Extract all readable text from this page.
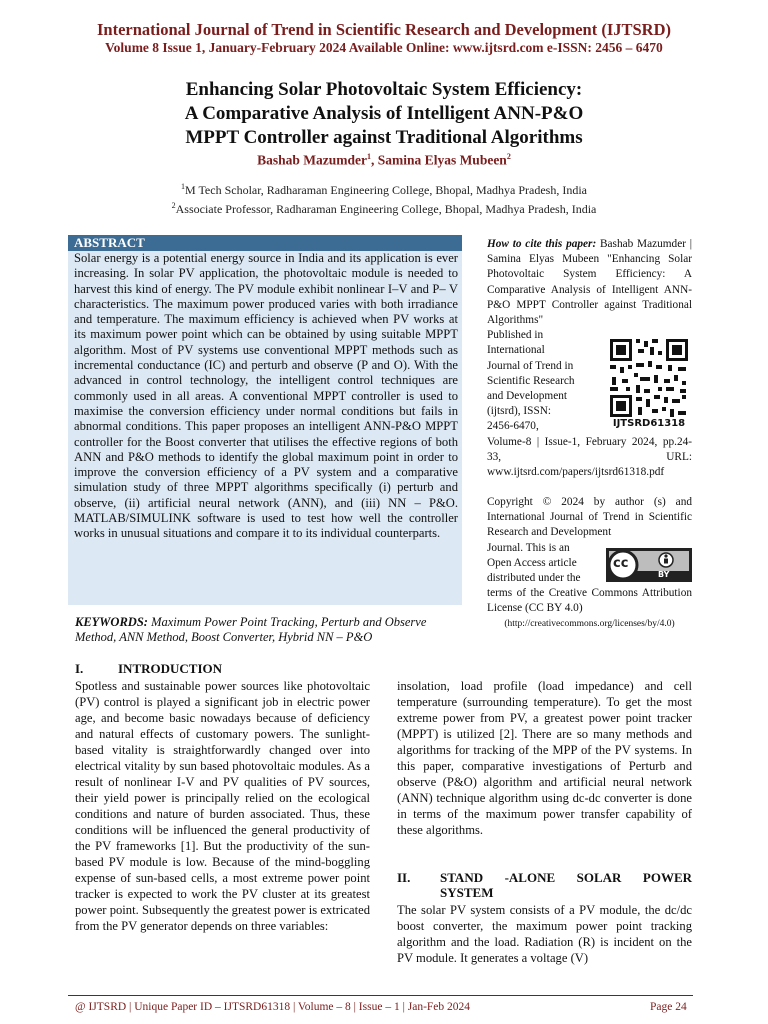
International Journal of Trend in Scientific Research and Development (IJTSRD)
Volume 8 Issue 1, January-February 2024 Available Online: www.ijtsrd.com e-ISSN: 2456 – 6470
Enhancing Solar Photovoltaic System Efficiency:
A Comparative Analysis of Intelligent ANN-P&O
MPPT Controller against Traditional Algorithms
Bashab Mazumder$^1$, Samina Elyas Mubeen$^2$
$^1$M Tech Scholar, Radharaman Engineering College, Bhopal, Madhya Pradesh, India
$^2$Associate Professor, Radharaman Engineering College, Bhopal, Madhya Pradesh, India
ABSTRACT
Solar energy is a potential energy source in India and its application is ever increasing. In solar PV application, the photovoltaic module is needed to harvest this kind of energy. The PV module exhibit nonlinear I–V and P– V characteristics. The maximum power produced varies with both irradiance and temperature. The maximum efficiency is achieved when PV works at its maximum power point which can be obtained by using suitable MPPT algorithm. Most of PV systems use conventional MPPT methods such as incremental conductance (IC) and perturb and observe (P and O). With the advanced in control technology, the intelligent control techniques are commonly used in all areas. A conventional MPPT controller is used to maximise the conversion efficiency under normal conditions but fails in abnormal conditions. This paper proposes an intelligent ANN-P&O MPPT controller for the Boost converter that utilises the effective regions of both ANN and P&O methods to identify the global maximum point in order to improve the conversion efficiency of a PV system and a comparative simulation study of three MPPT algorithms specifically (i) perturb and observe, (ii) artificial neural network (ANN), and (iii) NN – P&O. MATLAB/SIMULINK software is used to test how well the controller works in unusual situations and compare it to its individual counterparts.
How to cite this paper: Bashab Mazumder | Samina Elyas Mubeen "Enhancing Solar Photovoltaic System Efficiency: A Comparative Analysis of Intelligent ANN-P&O MPPT Controller against Traditional Algorithms"
Published in
International
Journal of Trend in
Scientific Research
and Development
(ijtsrd), ISSN:
2456-6470,
Volume-8 | Issue-1, February 2024, pp.24-33, URL: www.ijtsrd.com/papers/ijtsrd61318.pdf
IJTSRD61318
Copyright © 2024 by author (s) and International Journal of Trend in Scientific Research and Development
Journal. This is an
Open Access article
distributed under the
terms of the Creative Commons Attribution License (CC BY 4.0)
(http://creativecommons.org/licenses/by/4.0)
cc
BY
KEYWORDS: Maximum Power Point Tracking, Perturb and Observe Method, ANN Method, Boost Converter, Hybrid NN – P&O
I.	INTRODUCTION
Spotless and sustainable power sources like photovoltaic (PV) control is played a significant job in electric power age, and become basic nowadays because of deficiency and natural effects of customary powers. The sunlight-based vitality is straightforwardly changed over into electrical vitality by sun based photovoltaic modules. As a result of nonlinear I-V and PV qualities of PV sources, their yield power is principally relied on the ecological conditions and nature of burden associated. Thus, these conditions will be influenced the general productivity of the PV frameworks [1]. But the productivity of the sun-based PV module is low. Because of the mind-boggling expense of sun-based cells, a most extreme power point tracker is expected to work the PV cluster at its greatest power point. Subsequently the greatest power is extricated from the PV generator depends on three variables:
insolation, load profile (load impedance) and cell temperature (surrounding temperature). To get the most extreme power from PV, a greatest power point tracker (MPPT) is utilized [2]. There are so many methods and algorithms for tracking of the MPP of the PV systems. In this paper, comparative investigations of Perturb and observe (P&O) algorithm and artificial neural network (ANN) technique algorithm using dc-dc converter is done in terms of the maximum power transfer capability of these algorithms.
II. STAND -ALONE SOLAR POWER
SYSTEM
The solar PV system consists of a PV module, the dc/dc boost converter, the maximum power point tracking algorithm and the load. Radiation (R) is incident on the PV module. It generates a voltage (V)
@ IJTSRD | Unique Paper ID – IJTSRD61318 | Volume – 8 | Issue – 1 | Jan-Feb 2024	Page 24
